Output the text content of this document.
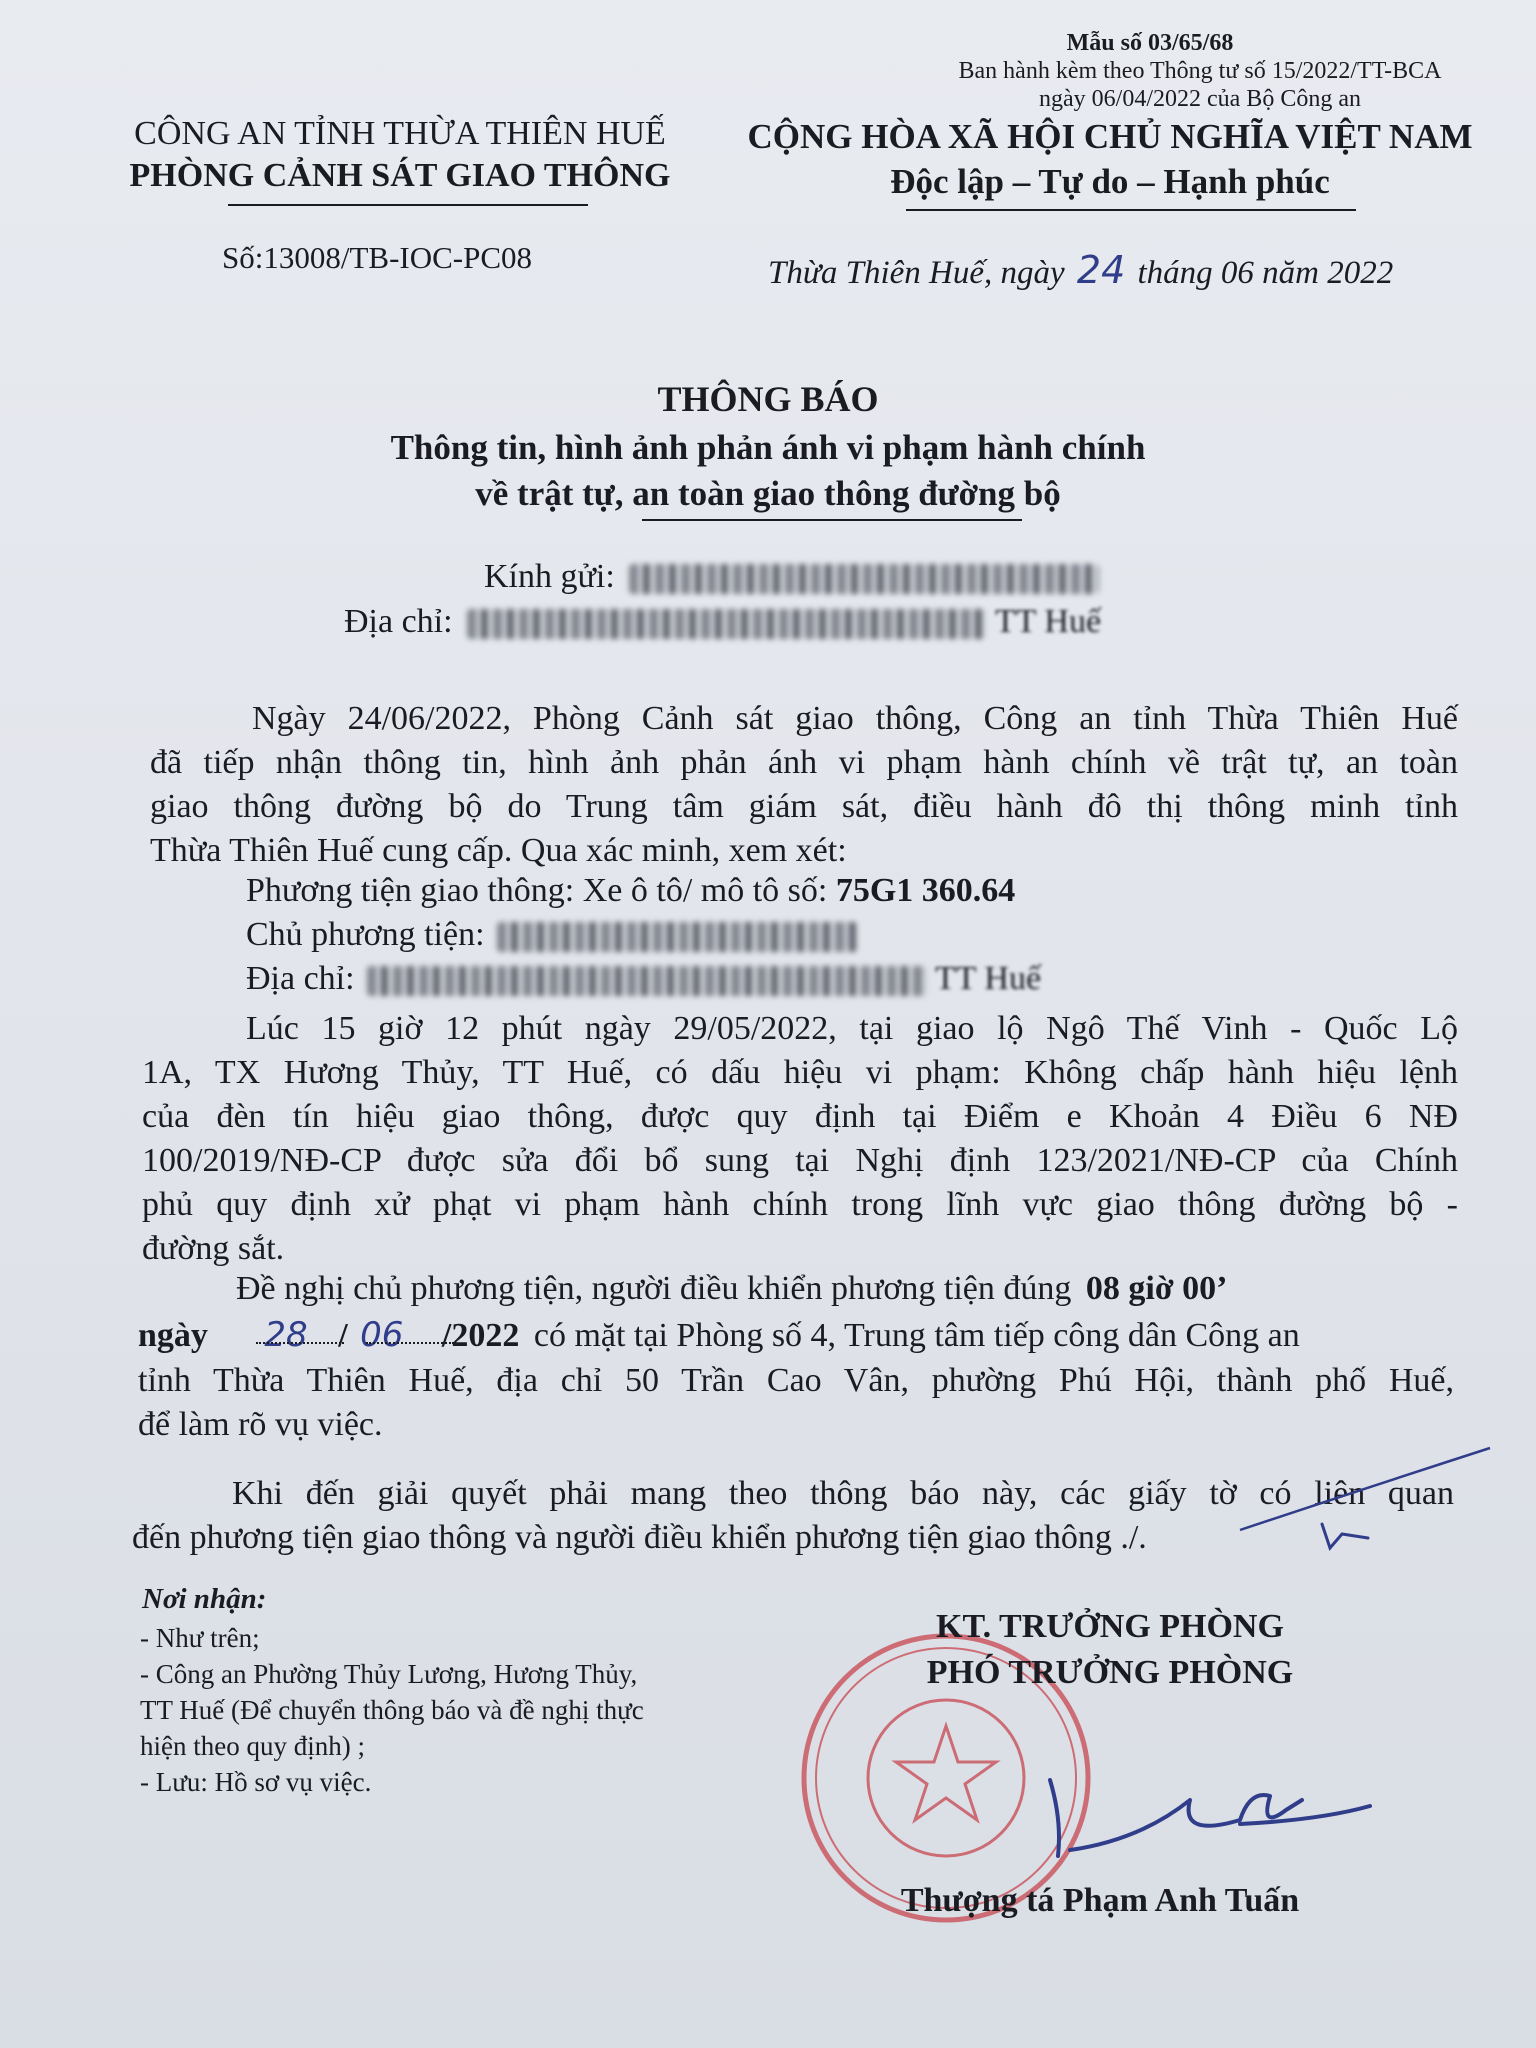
Mẫu số 03/65/68
Ban hành kèm theo Thông tư số 15/2022/TT-BCA
ngày 06/04/2022 của Bộ Công an
CÔNG AN TỈNH THỪA THIÊN HUẾ
PHÒNG CẢNH SÁT GIAO THÔNG
Số:13008/TB-IOC-PC08
CỘNG HÒA XÃ HỘI CHỦ NGHĨA VIỆT NAM
Độc lập – Tự do – Hạnh phúc
Thừa Thiên Huế, ngày 24 tháng 06 năm 2022
THÔNG BÁO
Thông tin, hình ảnh phản ánh vi phạm hành chính
về trật tự, an toàn giao thông đường bộ
Kính gửi:
Địa chỉ:	TT Huế
Ngày 24/06/2022, Phòng Cảnh sát giao thông, Công an tỉnh Thừa Thiên Huế
đã tiếp nhận thông tin, hình ảnh phản ánh vi phạm hành chính về trật tự, an toàn
giao thông đường bộ do Trung tâm giám sát, điều hành đô thị thông minh tỉnh
Thừa Thiên Huế cung cấp. Qua xác minh, xem xét:
Phương tiện giao thông: Xe ô tô/ mô tô số: 75G1 360.64
Chủ phương tiện:
Địa chỉ:	TT Huế
Lúc 15 giờ 12 phút ngày 29/05/2022, tại giao lộ Ngô Thế Vinh - Quốc Lộ
1A, TX Hương Thủy, TT Huế, có dấu hiệu vi phạm: Không chấp hành hiệu lệnh
của đèn tín hiệu giao thông, được quy định tại Điểm e Khoản 4 Điều 6 NĐ
100/2019/NĐ-CP được sửa đổi bổ sung tại Nghị định 123/2021/NĐ-CP của Chính
phủ quy định xử phạt vi phạm hành chính trong lĩnh vực giao thông đường bộ -
đường sắt.
Đề nghị chủ phương tiện, người điều khiển phương tiện đúng 08 giờ 00’
ngày 28 / 06 /2022 có mặt tại Phòng số 4, Trung tâm tiếp công dân Công an
tỉnh Thừa Thiên Huế, địa chỉ 50 Trần Cao Vân, phường Phú Hội, thành phố Huế,
để làm rõ vụ việc.
Khi đến giải quyết phải mang theo thông báo này, các giấy tờ có liên quan
đến phương tiện giao thông và người điều khiển phương tiện giao thông ./.
Nơi nhận:
- Như trên;
- Công an Phường Thủy Lương, Hương Thủy,
TT Huế (Để chuyển thông báo và đề nghị thực
hiện theo quy định) ;
- Lưu: Hồ sơ vụ việc.
KT. TRƯỞNG PHÒNG
PHÓ TRƯỞNG PHÒNG
Thượng tá Phạm Anh Tuấn
